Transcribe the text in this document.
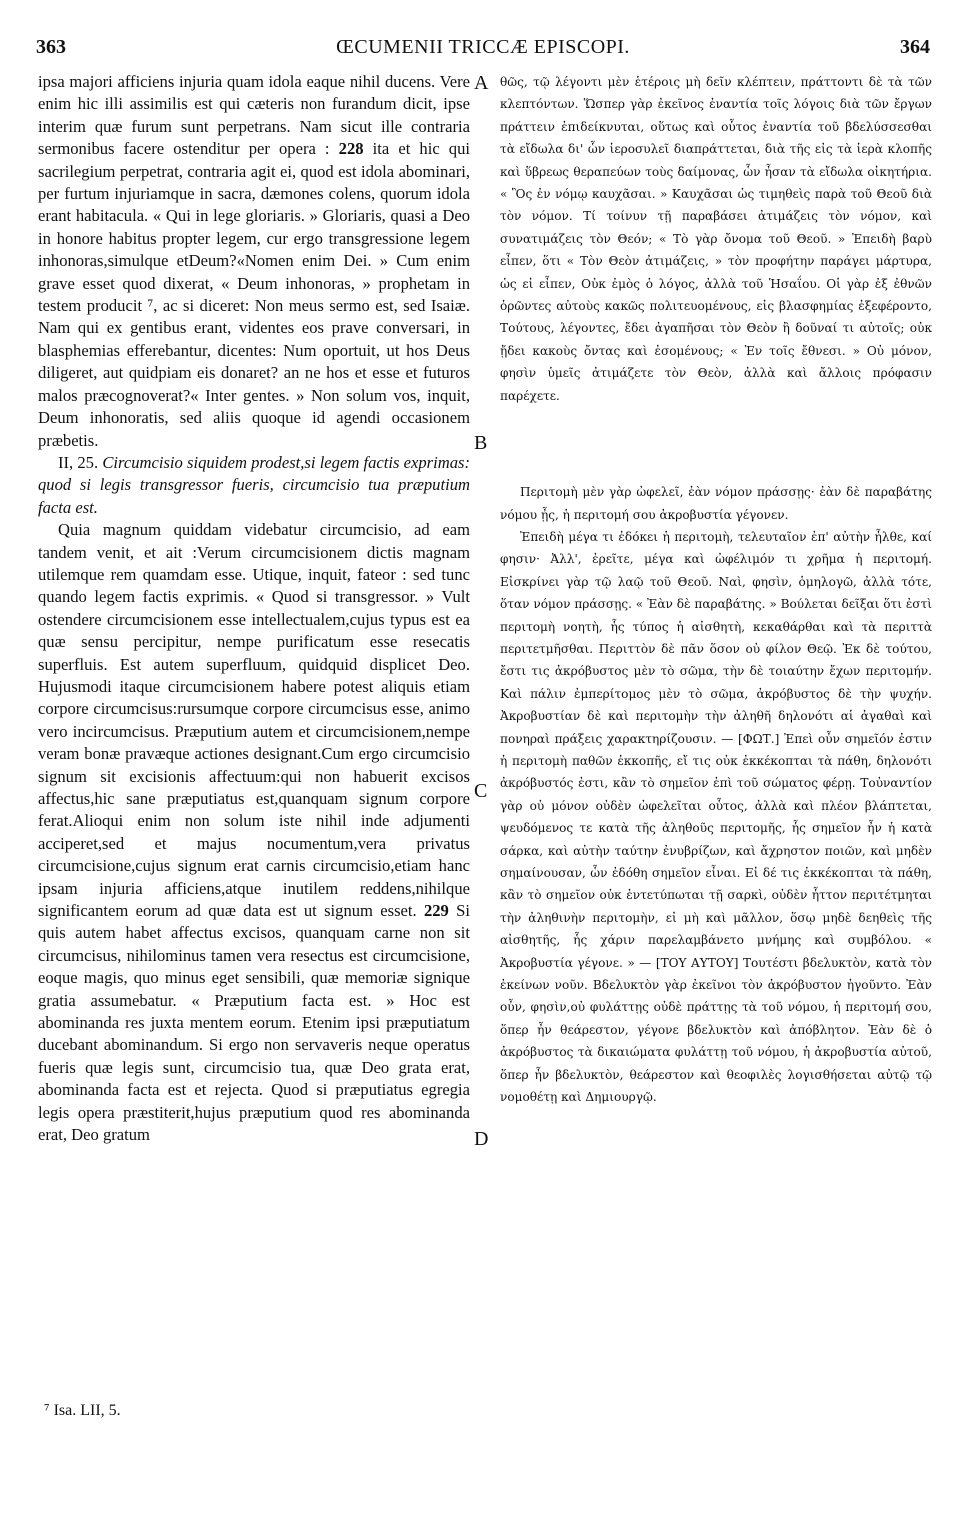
363	ŒCUMENII TRICCÆ EPISCOPI.	364

ipsa majori afficiens injuria quam idola eaque nihil ducens. Vere enim hic illi assimilis est qui cæteris non furandum dicit, ipse interim quæ furum sunt perpetrans. Nam sicut ille contraria sermonibus facere ostenditur per opera : 228 ita et hic qui sacrilegium perpetrat, contraria agit ei, quod est idola abominari, per furtum injuriamque in sacra, dæmones colens, quorum idola erant habitacula. « Qui in lege gloriaris. » Gloriaris, quasi a Deo in honore habitus propter legem, cur ergo transgressione legem inhonoras,simulque etDeum?«Nomen enim Dei. » Cum enim grave esset quod dixerat, « Deum inhonoras, » prophetam in testem producit ⁷, ac si diceret: Non meus sermo est, sed Isaiæ. Nam qui ex gentibus erant, videntes eos prave conversari, in blasphemias efferebantur, dicentes: Num oportuit, ut hos Deus diligeret, aut quidpiam eis donaret? an ne hos et esse et futuros malos præcognoverat?« Inter gentes. » Non solum vos, inquit, Deum inhonoratis, sed aliis quoque id agendi occasionem præbetis.

II, 25. Circumcisio siquidem prodest,si legem factis exprimas: quod si legis transgressor fueris, circumcisio tua præputium facta est.

Quia magnum quiddam videbatur circumcisio, ad eam tandem venit, et ait :Verum circumcisionem dictis magnam utilemque rem quamdam esse. Utique, inquit, fateor : sed tunc quando legem factis exprimis. « Quod si transgressor. » Vult ostendere circumcisionem esse intellectualem,cujus typus est ea quæ sensu percipitur, nempe purificatum esse resecatis superfluis. Est autem superfluum, quidquid displicet Deo. Hujusmodi itaque circumcisionem habere potest aliquis etiam corpore circumcisus:rursumque corpore circumcisus esse, animo vero incircumcisus. Præputium autem et circumcisionem,nempe veram bonæ pravæque actiones designant.Cum ergo circumcisio signum sit excisionis affectuum:qui non habuerit excisos affectus,hic sane præputiatus est,quanquam signum corpore ferat.Alioqui enim non solum iste nihil inde adjumenti acciperet,sed et majus nocumentum,vera privatus circumcisione,cujus signum erat carnis circumcisio,etiam hanc ipsam injuria afficiens,atque inutilem reddens,nihilque significantem eorum ad quæ data est ut signum esset. 229 Si quis autem habet affectus excisos, quanquam carne non sit circumcisus, nihilominus tamen vera resectus est circumcisione, eoque magis, quo minus eget sensibili, quæ memoriæ signique gratia assumebatur. « Præputium facta est. » Hoc est abominanda res juxta mentem eorum. Etenim ipsi præputiatum ducebant abominandum. Si ergo non servaveris neque operatus fueris quæ legis sunt, circumcisio tua, quæ Deo grata erat, abominanda facta est et rejecta. Quod si præputiatus egregia legis opera præstiterit,hujus præputium quod res abominanda erat, Deo gratum

θῶς, τῷ λέγοντι μὲν ἑτέροις μὴ δεῖν κλέπτειν, πράττοντι δὲ τὰ τῶν κλεπτόντων. Ὥσπερ γὰρ ἐκεῖνος ἐναντία τοῖς λόγοις διὰ τῶν ἔργων πράττειν ἐπιδείκνυται, οὕτως καὶ οὗτος ἐναντία τοῦ βδελύσσεσθαι τὰ εἴδωλα δι' ὧν ἱεροσυλεῖ διαπράττεται, διὰ τῆς εἰς τὰ ἱερὰ κλοπῆς καὶ ὕβρεως θεραπεύων τοὺς δαίμονας, ὧν ἦσαν τὰ εἴδωλα οἰκητήρια. « Ὃς ἐν νόμῳ καυχᾶσαι. » Καυχᾶσαι ὡς τιμηθεὶς παρὰ τοῦ Θεοῦ διὰ τὸν νόμον. Τί τοίνυν τῇ παραβάσει ἀτιμάζεις τὸν νόμον, καὶ συνατιμάζεις τὸν Θεόν; « Τὸ γὰρ ὄνομα τοῦ Θεοῦ. » Ἐπειδὴ βαρὺ εἶπεν, ὅτι « Τὸν Θεὸν ἀτιμάζεις, » τὸν προφήτην παράγει μάρτυρα, ὡς εἰ εἶπεν, Οὐκ ἐμὸς ὁ λόγος, ἀλλὰ τοῦ Ἡσαΐου. Οἱ γὰρ ἐξ ἐθνῶν ὁρῶντες αὐτοὺς κακῶς πολιτευομένους, εἰς βλασφημίας ἐξεφέροντο, Τούτους, λέγοντες, ἔδει ἀγαπῆσαι τὸν Θεὸν ἢ δοῦναί τι αὐτοῖς; οὐκ ᾔδει κακοὺς ὄντας καὶ ἐσομένους; « Ἐν τοῖς ἔθνεσι. » Οὐ μόνον, φησὶν ὑμεῖς ἀτιμάζετε τὸν Θεὸν, ἀλλὰ καὶ ἄλλοις πρόφασιν παρέχετε.

Περιτομὴ μὲν γὰρ ὠφελεῖ, ἐὰν νόμον πράσσῃς· ἐὰν δὲ παραβάτης νόμου ᾖς, ἡ περιτομή σου ἀκροβυστία γέγονεν.

Ἐπειδὴ μέγα τι ἐδόκει ἡ περιτομὴ, τελευταῖον ἐπ' αὐτὴν ἦλθε, καί φησιν· Ἀλλ', ἐρεῖτε, μέγα καὶ ὠφέλιμόν τι χρῆμα ἡ περιτομή. Εἰσκρίνει γὰρ τῷ λαῷ τοῦ Θεοῦ. Ναὶ, φησὶν, ὁμηλογῶ, ἀλλὰ τότε, ὅταν νόμον πράσσῃς. « Ἐὰν δὲ παραβάτης. » Βούλεται δεῖξαι ὅτι ἐστὶ περιτομὴ νοητὴ, ἧς τύπος ἡ αἰσθητὴ, κεκαθάρθαι καὶ τὰ περιττὰ περιτετμῆσθαι. Περιττὸν δὲ πᾶν ὅσον οὐ φίλον Θεῷ. Ἐκ δὲ τούτου, ἔστι τις ἀκρόβυστος μὲν τὸ σῶμα, τὴν δὲ τοιαύτην ἔχων περιτομήν. Καὶ πάλιν ἐμπερίτομος μὲν τὸ σῶμα, ἀκρόβυστος δὲ τὴν ψυχήν. Ἀκροβυστίαν δὲ καὶ περιτομὴν τὴν ἀληθῆ δηλονότι αἱ ἀγαθαὶ καὶ πονηραὶ πράξεις χαρακτηρίζουσιν. — [ΦΩΤ.] Ἐπεὶ οὖν σημεῖόν ἐστιν ἡ περιτομὴ παθῶν ἐκκοπῆς, εἴ τις οὐκ ἐκκέκοπται τὰ πάθη, δηλονότι ἀκρόβυστός ἐστι, κἂν τὸ σημεῖον ἐπὶ τοῦ σώματος φέρῃ. Τοὐναντίον γὰρ οὐ μόνον οὐδὲν ὠφελεῖται οὗτος, ἀλλὰ καὶ πλέον βλάπτεται, ψευδόμενος τε κατὰ τῆς ἀληθοῦς περιτομῆς, ἧς σημεῖον ἦν ἡ κατὰ σάρκα, καὶ αὐτὴν ταύτην ἐνυβρίζων, καὶ ἄχρηστον ποιῶν, καὶ μηδὲν σημαίνουσαν, ὧν ἐδόθη σημεῖον εἶναι. Εἰ δέ τις ἐκκέκοπται τὰ πάθη, κἂν τὸ σημεῖον οὐκ ἐντετύπωται τῇ σαρκὶ, οὐδὲν ἧττον περιτέτμηται τὴν ἀληθινὴν περιτομὴν, εἰ μὴ καὶ μᾶλλον, ὅσῳ μηδὲ δεηθεὶς τῆς αἰσθητῆς, ἧς χάριν παρελαμβάνετο μνήμης καὶ συμβόλου. « Ἀκροβυστία γέγονε. » — [ΤΟΥ ΑΥΤΟΥ] Τουτέστι βδελυκτὸν, κατὰ τὸν ἐκείνων νοῦν. Βδελυκτὸν γὰρ ἐκεῖνοι τὸν ἀκρόβυστον ἡγοῦντο. Ἐὰν οὖν, φησὶν,οὐ φυλάττῃς οὐδὲ πράττῃς τὰ τοῦ νόμου, ἡ περιτομή σου, ὅπερ ἦν θεάρεστον, γέγονε βδελυκτὸν καὶ ἀπόβλητον. Ἐὰν δὲ ὁ ἀκρόβυστος τὰ δικαιώματα φυλάττῃ τοῦ νόμου, ἡ ἀκροβυστία αὐτοῦ, ὅπερ ἦν βδελυκτὸν, θεάρεστον καὶ θεοφιλὲς λογισθήσεται αὐτῷ τῷ νομοθέτῃ καὶ Δημιουργῷ.

A
B
C
D
⁷ Isa. LII, 5.
